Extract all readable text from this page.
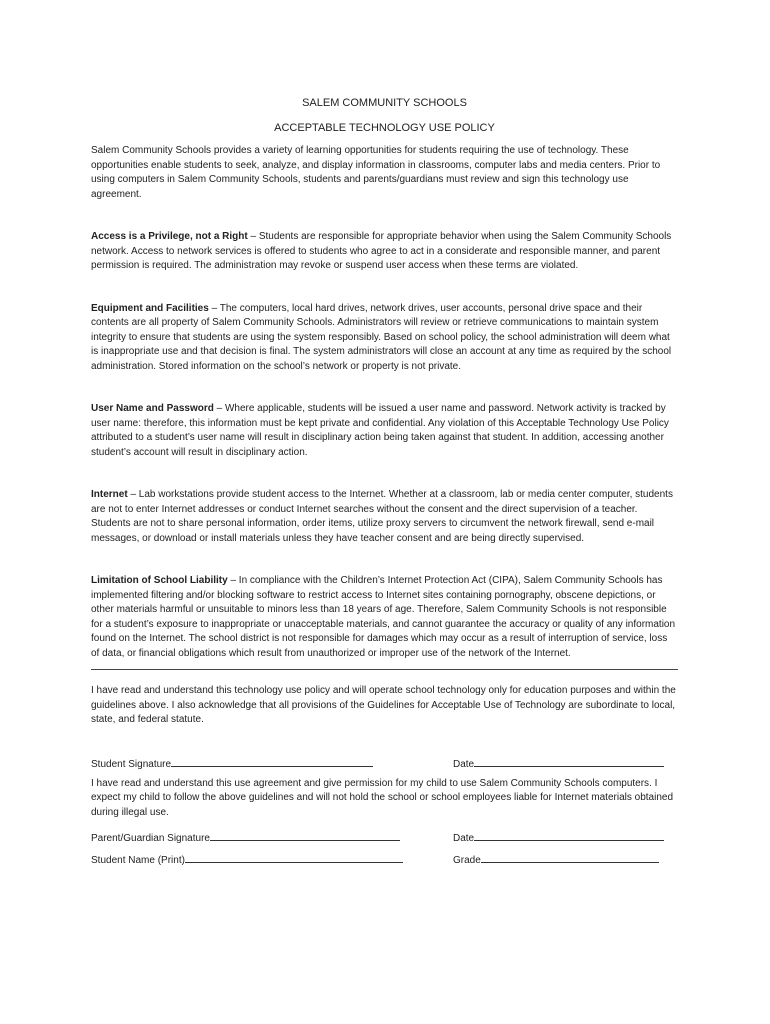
SALEM COMMUNITY SCHOOLS

ACCEPTABLE TECHNOLOGY USE POLICY

Salem Community Schools provides a variety of learning opportunities for students requiring the use of technology. These opportunities enable students to seek, analyze, and display information in classrooms, computer labs and media centers. Prior to using computers in Salem Community Schools, students and parents/guardians must review and sign this technology use agreement.

Access is a Privilege, not a Right – Students are responsible for appropriate behavior when using the Salem Community Schools network. Access to network services is offered to students who agree to act in a considerate and responsible manner, and parent permission is required. The administration may revoke or suspend user access when these terms are violated.

Equipment and Facilities – The computers, local hard drives, network drives, user accounts, personal drive space and their contents are all property of Salem Community Schools. Administrators will review or retrieve communications to maintain system integrity to ensure that students are using the system responsibly. Based on school policy, the school administration will deem what is inappropriate use and that decision is final. The system administrators will close an account at any time as required by the school administration. Stored information on the school’s network or property is not private.

User Name and Password – Where applicable, students will be issued a user name and password. Network activity is tracked by user name: therefore, this information must be kept private and confidential. Any violation of this Acceptable Technology Use Policy attributed to a student’s user name will result in disciplinary action being taken against that student. In addition, accessing another student’s account will result in disciplinary action.

Internet – Lab workstations provide student access to the Internet. Whether at a classroom, lab or media center computer, students are not to enter Internet addresses or conduct Internet searches without the consent and the direct supervision of a teacher. Students are not to share personal information, order items, utilize proxy servers to circumvent the network firewall, send e-mail messages, or download or install materials unless they have teacher consent and are being directly supervised.

Limitation of School Liability – In compliance with the Children’s Internet Protection Act (CIPA), Salem Community Schools has implemented filtering and/or blocking software to restrict access to Internet sites containing pornography, obscene depictions, or other materials harmful or unsuitable to minors less than 18 years of age. Therefore, Salem Community Schools is not responsible for a student’s exposure to inappropriate or unacceptable materials, and cannot guarantee the accuracy or quality of any information found on the Internet. The school district is not responsible for damages which may occur as a result of interruption of service, loss of data, or financial obligations which result from unauthorized or improper use of the network of the Internet.

I have read and understand this technology use policy and will operate school technology only for education purposes and within the guidelines above. I also acknowledge that all provisions of the Guidelines for Acceptable Use of Technology are subordinate to local, state, and federal statute.

Student Signature	Date

I have read and understand this use agreement and give permission for my child to use Salem Community Schools computers. I expect my child to follow the above guidelines and will not hold the school or school employees liable for Internet materials obtained during illegal use.

Parent/Guardian Signature	Date
Student Name (Print)	Grade
